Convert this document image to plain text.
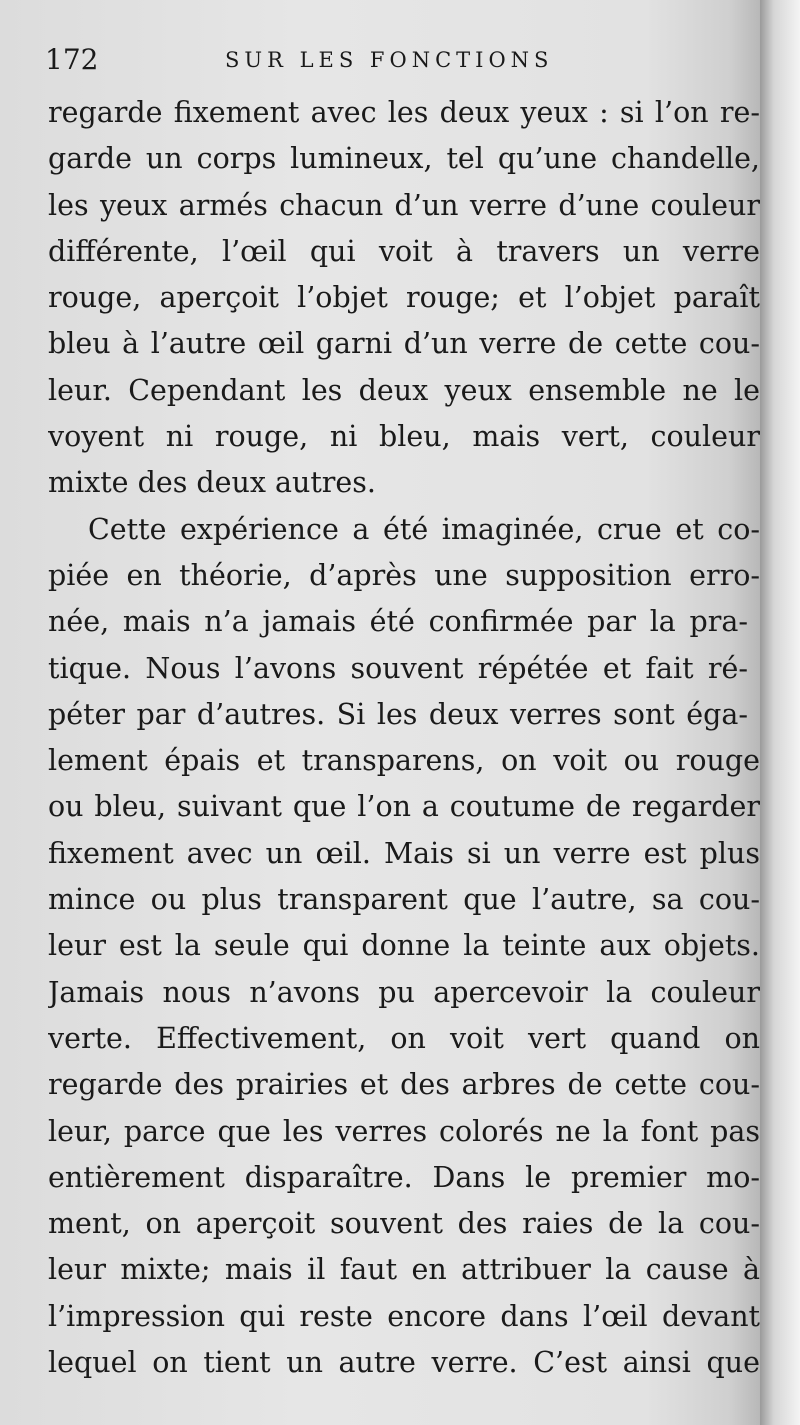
172	SUR LES FONCTIONS
regarde fixement avec les deux yeux : si l’on re-
garde un corps lumineux, tel qu’une chandelle,
les yeux armés chacun d’un verre d’une couleur
différente, l’œil qui voit à travers un verre
rouge, aperçoit l’objet rouge; et l’objet paraît
bleu à l’autre œil garni d’un verre de cette cou-
leur. Cependant les deux yeux ensemble ne le
voyent ni rouge, ni bleu, mais vert, couleur
mixte des deux autres.
Cette expérience a été imaginée, crue et co-
piée en théorie, d’après une supposition erro-
née, mais n’a jamais été confirmée par la pra-
tique. Nous l’avons souvent répétée et fait ré-
péter par d’autres. Si les deux verres sont éga-
lement épais et transparens, on voit ou rouge
ou bleu, suivant que l’on a coutume de regarder
fixement avec un œil. Mais si un verre est plus
mince ou plus transparent que l’autre, sa cou-
leur est la seule qui donne la teinte aux objets.
Jamais nous n’avons pu apercevoir la couleur
verte. Effectivement, on voit vert quand on
regarde des prairies et des arbres de cette cou-
leur, parce que les verres colorés ne la font pas
entièrement disparaître. Dans le premier mo-
ment, on aperçoit souvent des raies de la cou-
leur mixte; mais il faut en attribuer la cause à
l’impression qui reste encore dans l’œil devant
lequel on tient un autre verre. C’est ainsi que
